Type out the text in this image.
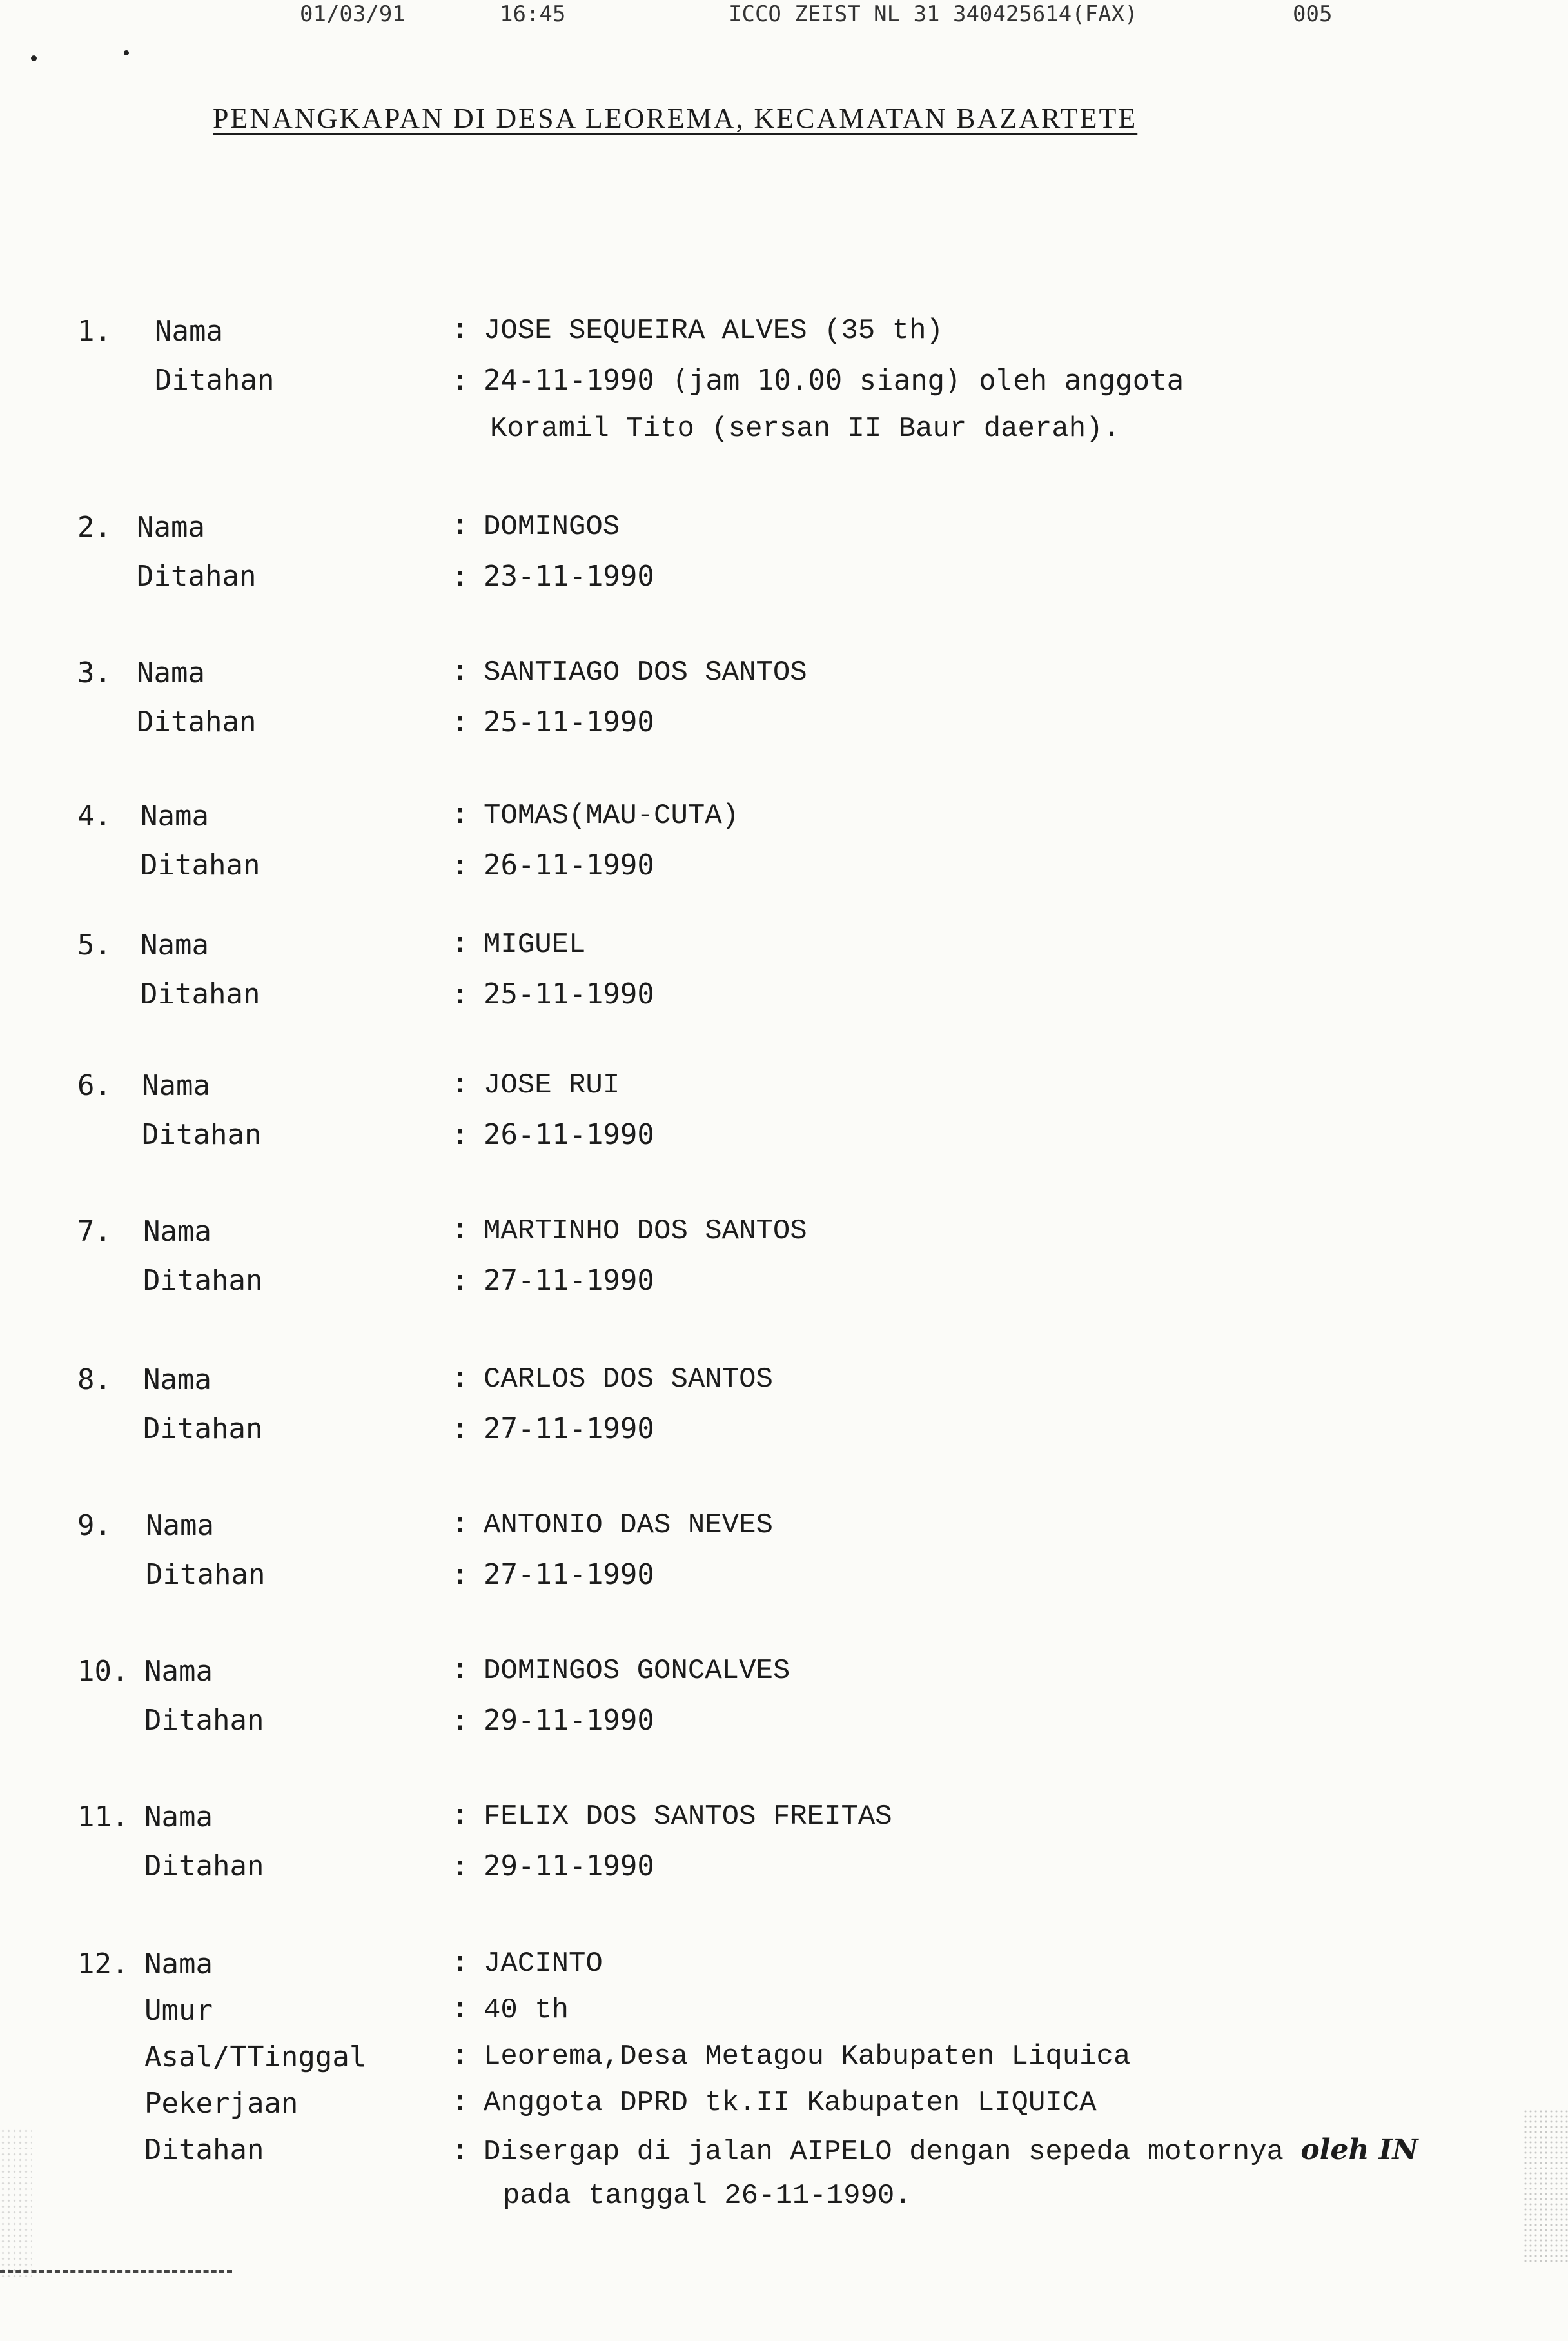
01/03/91	16:45	ICCO ZEIST NL 31 340425614(FAX)	005
PENANGKAPAN DI DESA LEOREMA, KECAMATAN BAZARTETE
1. Nama	: JOSE SEQUEIRA ALVES (35 th)
Ditahan	: 24-11-1990 (jam 10.00 siang) oleh anggota
Koramil Tito (sersan II Baur daerah).
2. Nama	: DOMINGOS
Ditahan	: 23-11-1990
3. Nama	: SANTIAGO DOS SANTOS
Ditahan	: 25-11-1990
4. Nama	: TOMAS(MAU-CUTA)
Ditahan	: 26-11-1990
5. Nama	: MIGUEL
Ditahan	: 25-11-1990
6. Nama	: JOSE RUI
Ditahan	: 26-11-1990
7. Nama	: MARTINHO DOS SANTOS
Ditahan	: 27-11-1990
8. Nama	: CARLOS DOS SANTOS
Ditahan	: 27-11-1990
9. Nama	: ANTONIO DAS NEVES
Ditahan	: 27-11-1990
10. Nama	: DOMINGOS GONCALVES
Ditahan	: 29-11-1990
11. Nama	: FELIX DOS SANTOS FREITAS
Ditahan	: 29-11-1990
12. Nama	: JACINTO
Umur	: 40 th
Asal/TTinggal	: Leorema,Desa Metagou Kabupaten Liquica
Pekerjaan	: Anggota DPRD tk.II Kabupaten LIQUICA
Ditahan	: Disergap di jalan AIPELO dengan sepeda motornya oleh IN
pada tanggal 26-11-1990.
